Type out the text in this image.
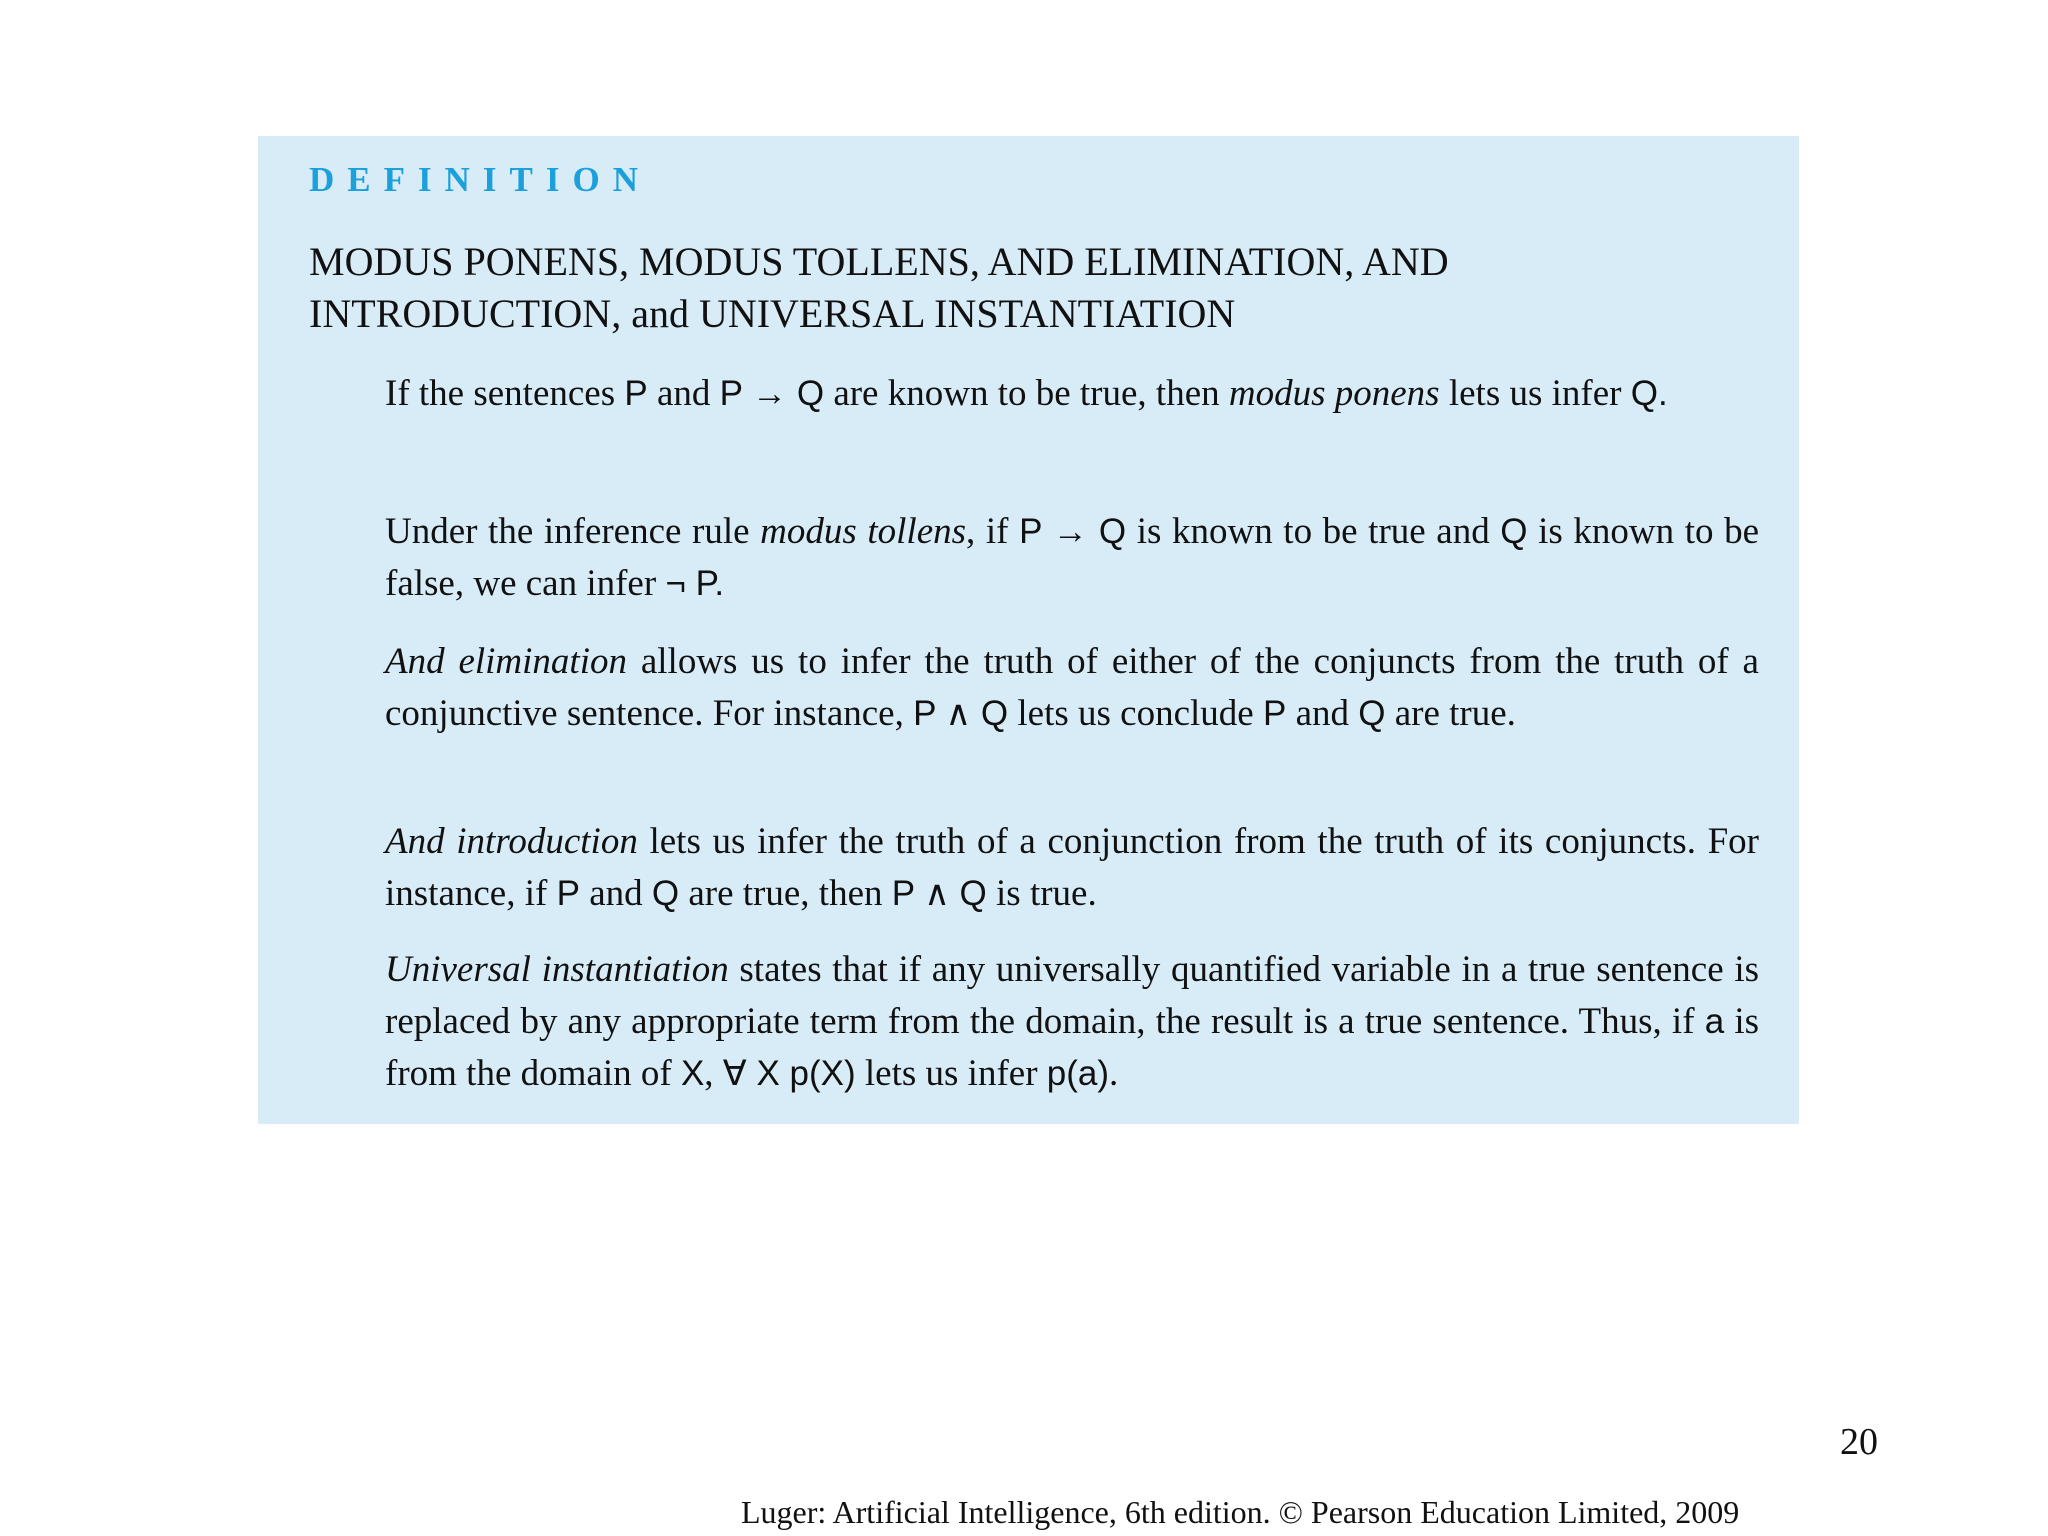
DEFINITION
MODUS PONENS, MODUS TOLLENS, AND ELIMINATION, AND
INTRODUCTION, and UNIVERSAL INSTANTIATION

If the sentences P and P → Q are known to be true, then modus ponens lets us infer Q.

Under the inference rule modus tollens, if P → Q is known to be true and Q is known to be false, we can infer ¬ P.

And elimination allows us to infer the truth of either of the conjuncts from the truth of a conjunctive sentence. For instance, P ∧ Q lets us conclude P and Q are true.

And introduction lets us infer the truth of a conjunction from the truth of its conjuncts. For instance, if P and Q are true, then P ∧ Q is true.

Universal instantiation states that if any universally quantified variable in a true sentence is replaced by any appropriate term from the domain, the result is a true sentence. Thus, if a is from the domain of X, ∀ X p(X) lets us infer p(a).

20
Luger: Artificial Intelligence, 6th edition. © Pearson Education Limited, 2009
